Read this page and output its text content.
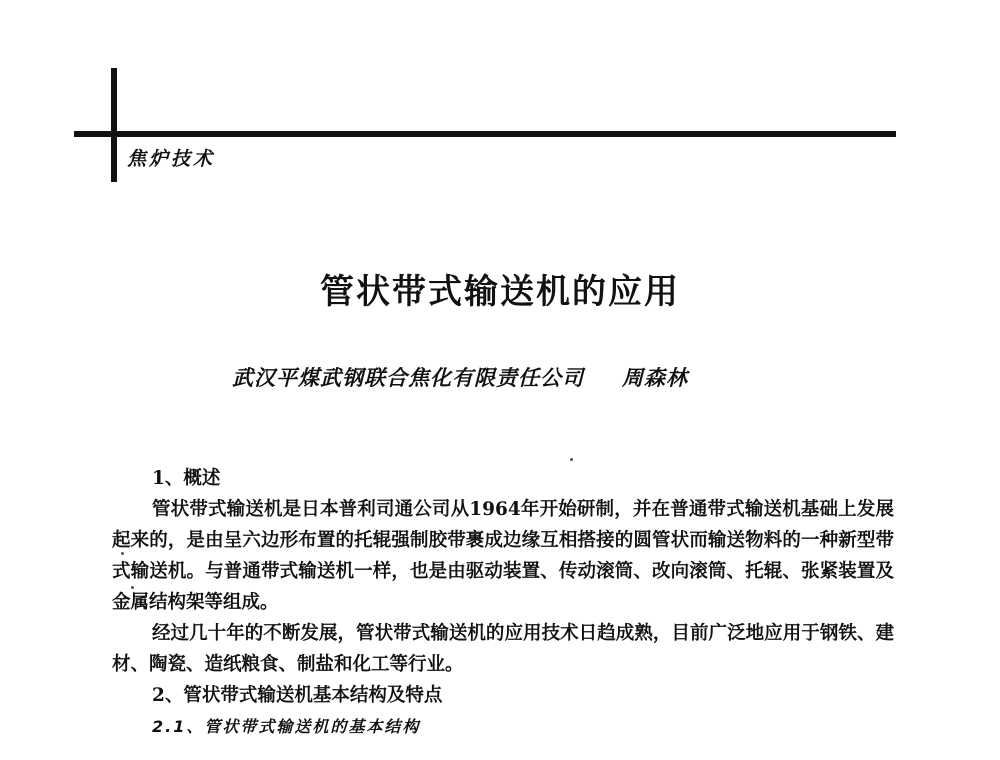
焦炉技术
管状带式输送机的应用
武汉平煤武钢联合焦化有限责任公司 周森林
1、概述
管状带式输送机是日本普利司通公司从1964年开始研制，并在普通带式输送机基础上发展起来的，是由呈六边形布置的托辊强制胶带裹成边缘互相搭接的圆管状而输送物料的一种新型带式输送机。与普通带式输送机一样，也是由驱动装置、传动滚筒、改向滚筒、托辊、张紧装置及金属结构架等组成。
经过几十年的不断发展，管状带式输送机的应用技术日趋成熟，目前广泛地应用于钢铁、建材、陶瓷、造纸粮食、制盐和化工等行业。
2、管状带式输送机基本结构及特点
2.1、管状带式输送机的基本结构
